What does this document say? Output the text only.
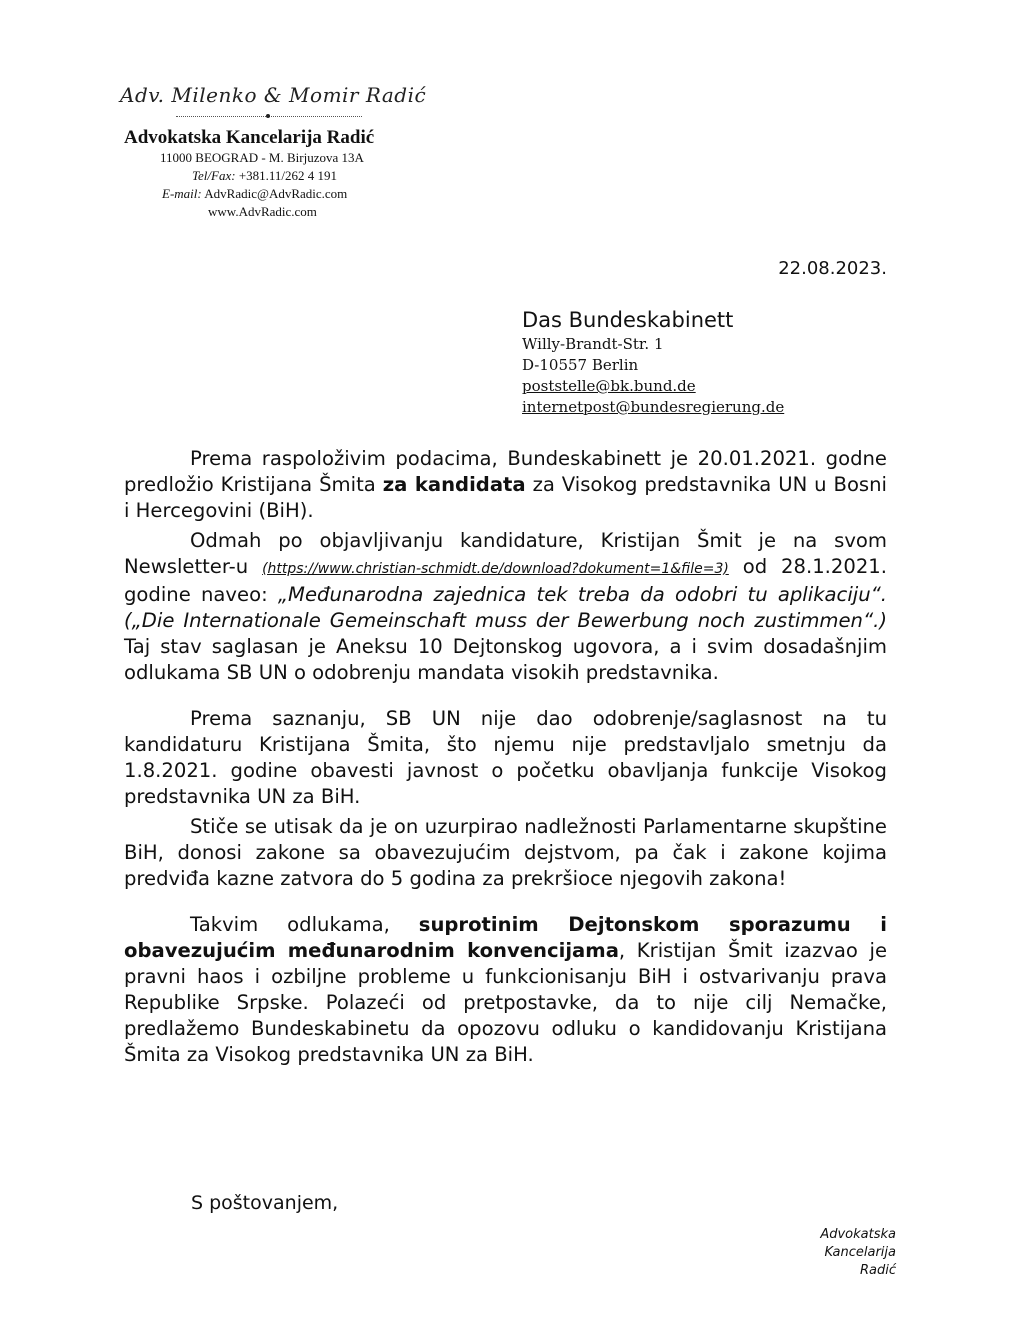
Adv. Milenko & Momir Radić
Advokatska Kancelarija Radić
11000 BEOGRAD - M. Birjuzova 13A
Tel/Fax: +381.11/262 4 191
E-mail: AdvRadic@AdvRadic.com
www.AdvRadic.com
22.08.2023.
Das Bundeskabinett
Willy-Brandt-Str. 1
D-10557 Berlin
poststelle@bk.bund.de
internetpost@bundesregierung.de

Prema raspoloživim podacima, Bundeskabinett je 20.01.2021. godne predložio Kristijana Šmita za kandidata za Visokog predstavnika UN u Bosni i Hercegovini (BiH).

Odmah po objavljivanju kandidature, Kristijan Šmit je na svom Newsletter-u (https://www.christian-schmidt.de/download?dokument=1&file=3) od 28.1.2021. godine naveo: „Međunarodna zajednica tek treba da odobri tu aplikaciju“. („Die Internationale Gemeinschaft muss der Bewerbung noch zustimmen“.) Taj stav saglasan je Aneksu 10 Dejtonskog ugovora, a i svim dosadašnjim odlukama SB UN o odobrenju mandata visokih predstavnika.

Prema saznanju, SB UN nije dao odobrenje/saglasnost na tu kandidaturu Kristijana Šmita, što njemu nije predstavljalo smetnju da 1.8.2021. godine obavesti javnost o početku obavljanja funkcije Visokog predstavnika UN za BiH.

Stiče se utisak da je on uzurpirao nadležnosti Parlamentarne skupštine BiH, donosi zakone sa obavezujućim dejstvom, pa čak i zakone kojima predviđa kazne zatvora do 5 godina za prekršioce njegovih zakona!

Takvim odlukama, suprotinim Dejtonskom sporazumu i obavezujućim međunarodnim konvencijama, Kristijan Šmit izazvao je pravni haos i ozbiljne probleme u funkcionisanju BiH i ostvarivanju prava Republike Srpske. Polazeći od pretpostavke, da to nije cilj Nemačke, predlažemo Bundeskabinetu da opozovu odluku o kandidovanju Kristijana Šmita za Visokog predstavnika UN za BiH.

S poštovanjem,
Advokatska
Kancelarija
Radić
